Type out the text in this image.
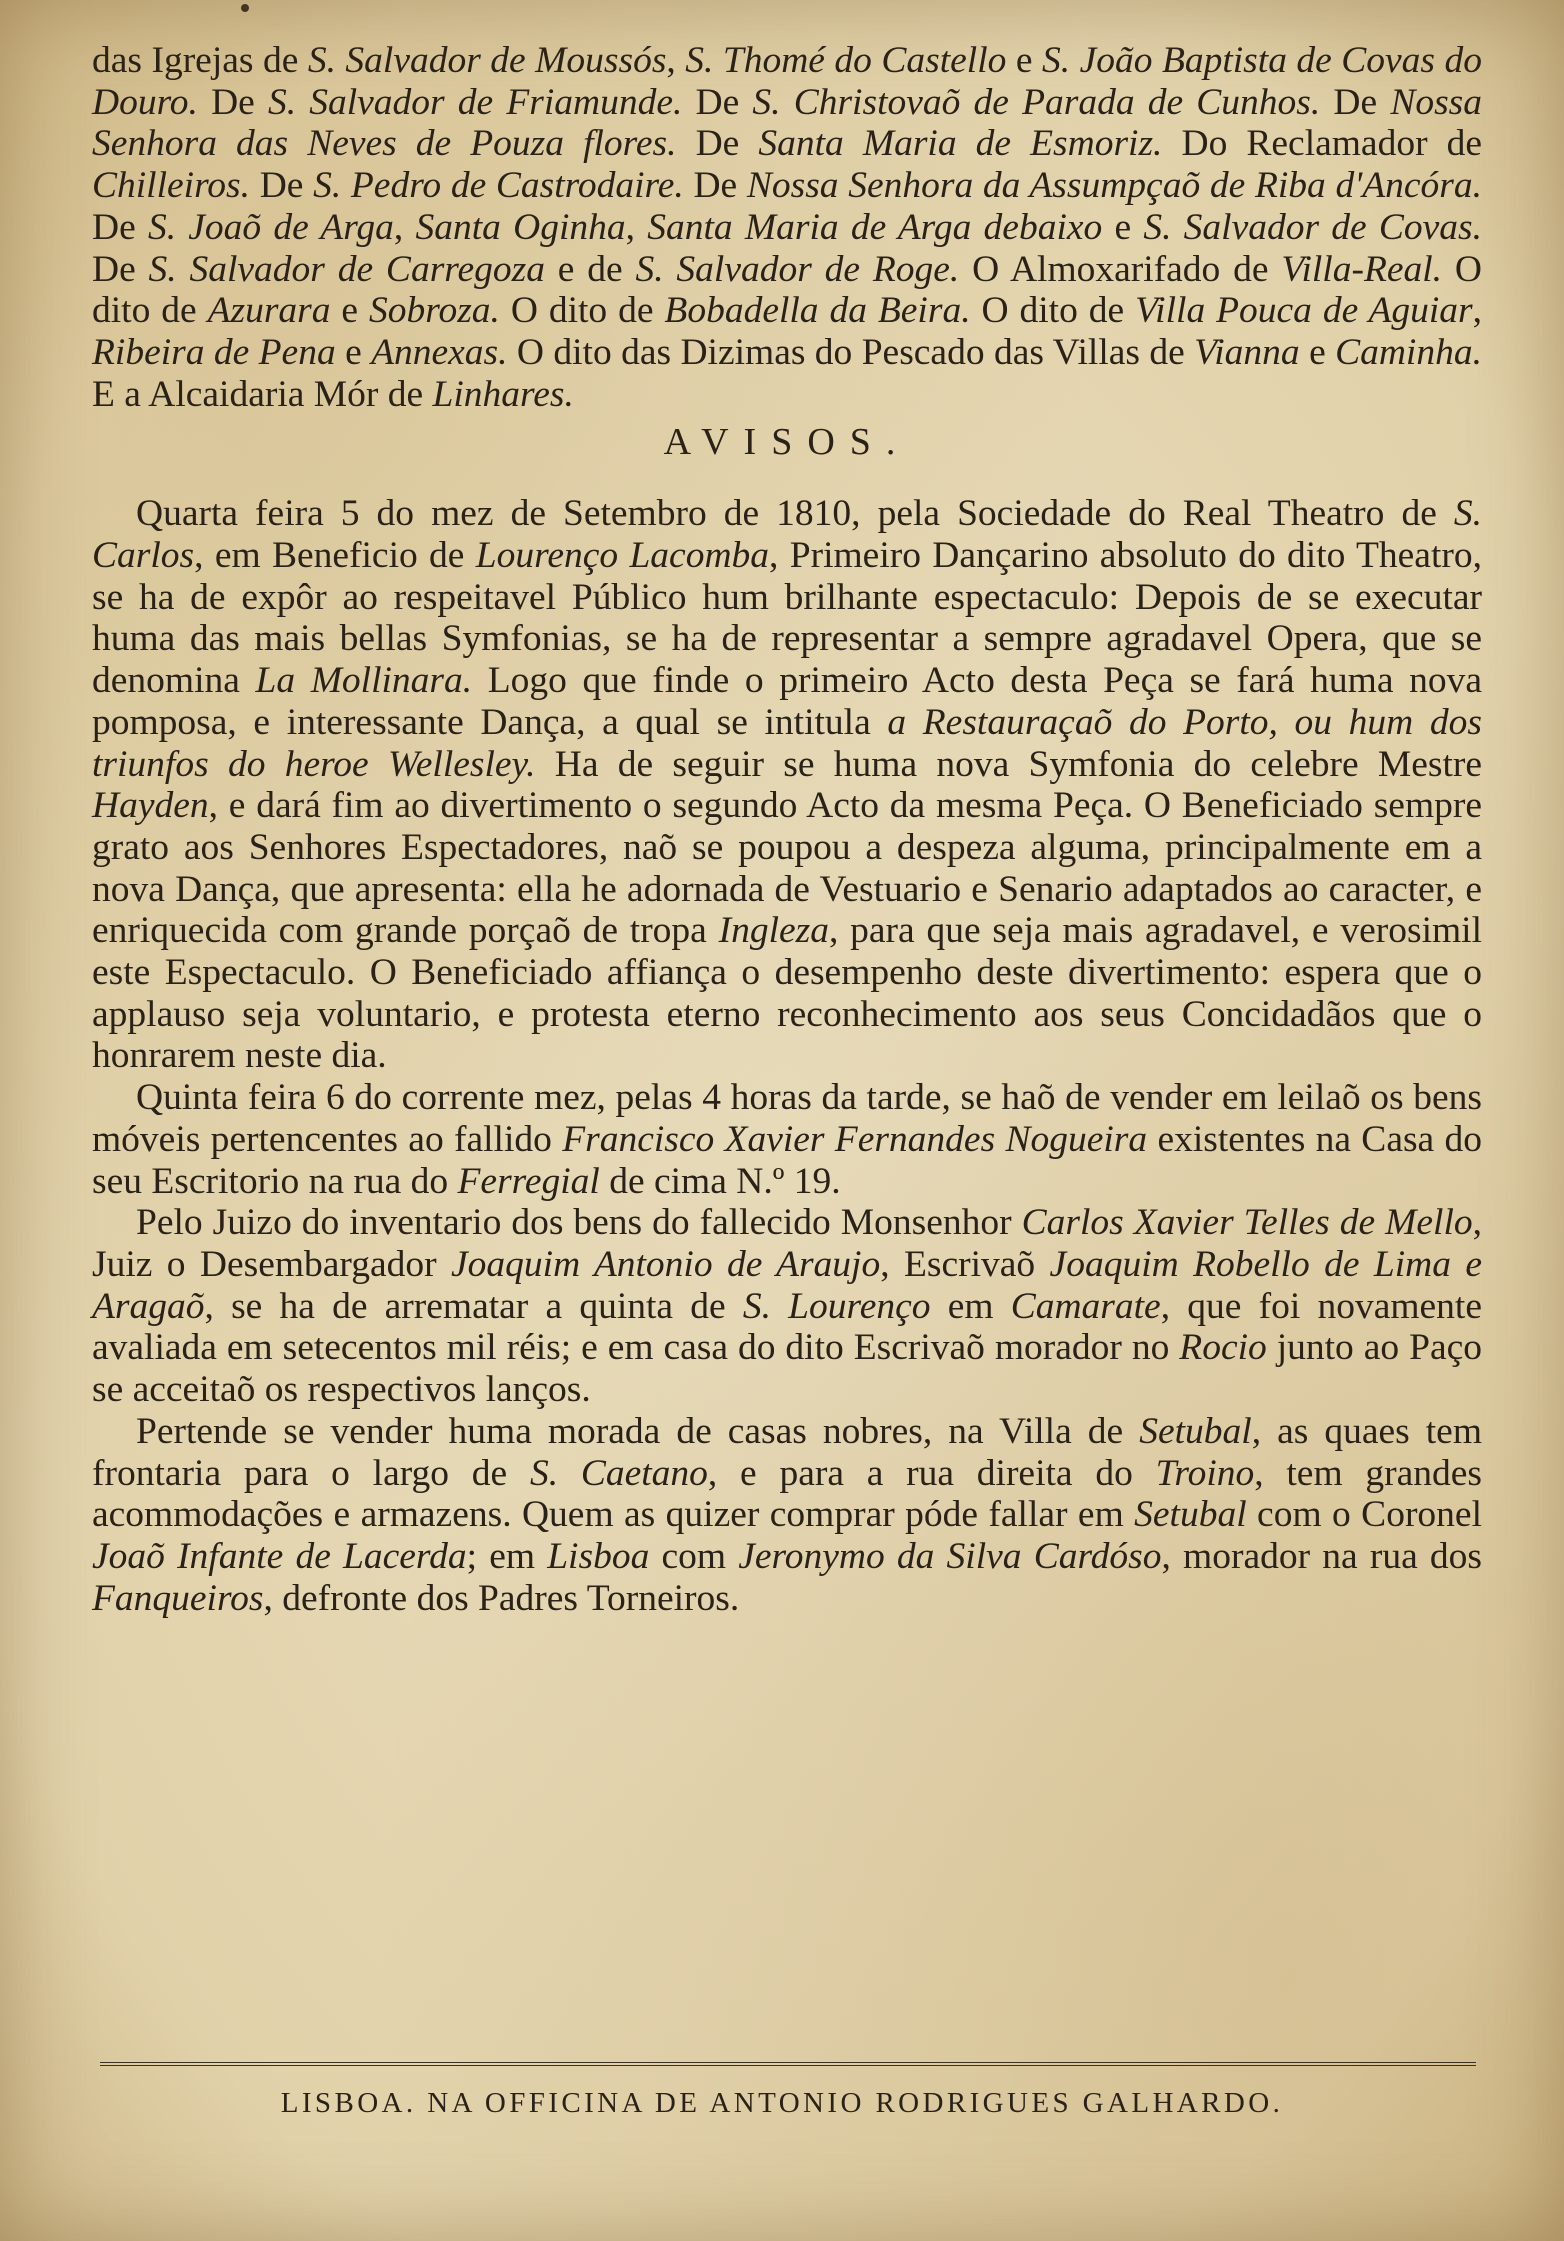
das Igrejas de S. Salvador de Moussós, S. Thomé do Castello e S. João Baptista de Covas do Douro. De S. Salvador de Friamunde. De S. Christovaõ de Parada de Cunhos. De Nossa Senhora das Neves de Pouza flores. De Santa Maria de Esmoriz. Do Reclamador de Chilleiros. De S. Pedro de Castrodaire. De Nossa Senhora da Assumpçaõ de Riba d'Ancóra. De S. Joaõ de Arga, Santa Oginha, Santa Maria de Arga debaixo e S. Salvador de Covas. De S. Salvador de Carregoza e de S. Salvador de Roge. O Almoxarifado de Villa-Real. O dito de Azurara e Sobroza. O dito de Bobadella da Beira. O dito de Villa Pouca de Aguiar, Ribeira de Pena e Annexas. O dito das Dizimas do Pescado das Villas de Vianna e Caminha. E a Alcaidaria Mór de Linhares.

AVISOS.

Quarta feira 5 do mez de Setembro de 1810, pela Sociedade do Real Theatro de S. Carlos, em Beneficio de Lourenço Lacomba, Primeiro Dançarino absoluto do dito Theatro, se ha de expôr ao respeitavel Público hum brilhante espectaculo: Depois de se executar huma das mais bellas Symfonias, se ha de representar a sempre agradavel Opera, que se denomina La Mollinara. Logo que finde o primeiro Acto desta Peça se fará huma nova pomposa, e interessante Dança, a qual se intitula a Restauraçaõ do Porto, ou hum dos triunfos do heroe Wellesley. Ha de seguir se huma nova Symfonia do celebre Mestre Hayden, e dará fim ao divertimento o segundo Acto da mesma Peça. O Beneficiado sempre grato aos Senhores Espectadores, naõ se poupou a despeza alguma, principalmente em a nova Dança, que apresenta: ella he adornada de Vestuario e Senario adaptados ao caracter, e enriquecida com grande porçaõ de tropa Ingleza, para que seja mais agradavel, e verosimil este Espectaculo. O Beneficiado affiança o desempenho deste divertimento: espera que o applauso seja voluntario, e protesta eterno reconhecimento aos seus Concidadãos que o honrarem neste dia.

Quinta feira 6 do corrente mez, pelas 4 horas da tarde, se haõ de vender em leilaõ os bens móveis pertencentes ao fallido Francisco Xavier Fernandes Nogueira existentes na Casa do seu Escritorio na rua do Ferregial de cima N.º 19.

Pelo Juizo do inventario dos bens do fallecido Monsenhor Carlos Xavier Telles de Mello, Juiz o Desembargador Joaquim Antonio de Araujo, Escrivaõ Joaquim Robello de Lima e Aragaõ, se ha de arrematar a quinta de S. Lourenço em Camarate, que foi novamente avaliada em setecentos mil réis; e em casa do dito Escrivaõ morador no Rocio junto ao Paço se acceitaõ os respectivos lanços.

Pertende se vender huma morada de casas nobres, na Villa de Setubal, as quaes tem frontaria para o largo de S. Caetano, e para a rua direita do Troino, tem grandes acommodações e armazens. Quem as quizer comprar póde fallar em Setubal com o Coronel Joaõ Infante de Lacerda; em Lisboa com Jeronymo da Silva Cardóso, morador na rua dos Fanqueiros, defronte dos Padres Torneiros.

LISBOA. NA OFFICINA DE ANTONIO RODRIGUES GALHARDO.
